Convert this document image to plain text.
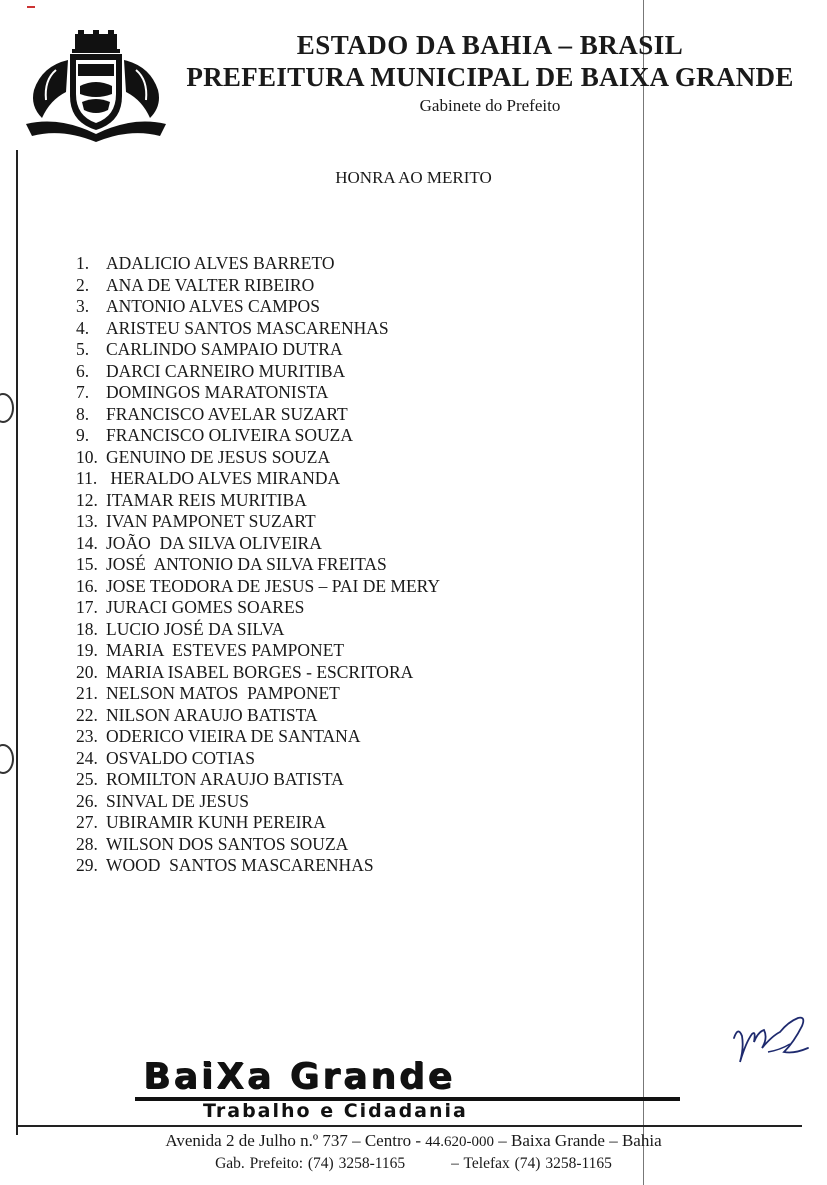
ESTADO DA BAHIA – BRASIL
PREFEITURA MUNICIPAL DE BAIXA GRANDE
Gabinete do Prefeito
HONRA AO MERITO
1. ADALICIO ALVES BARRETO
2. ANA DE VALTER RIBEIRO
3. ANTONIO ALVES CAMPOS
4. ARISTEU SANTOS MASCARENHAS
5. CARLINDO SAMPAIO DUTRA
6. DARCI CARNEIRO MURITIBA
7. DOMINGOS MARATONISTA
8. FRANCISCO AVELAR SUZART
9. FRANCISCO OLIVEIRA SOUZA
10. GENUINO DE JESUS SOUZA
11. HERALDO ALVES MIRANDA
12. ITAMAR REIS MURITIBA
13. IVAN PAMPONET SUZART
14. JOÃO  DA SILVA OLIVEIRA
15. JOSÉ  ANTONIO DA SILVA FREITAS
16. JOSE TEODORA DE JESUS – PAI DE MERY
17. JURACI GOMES SOARES
18. LUCIO JOSÉ DA SILVA
19. MARIA  ESTEVES PAMPONET
20. MARIA ISABEL BORGES - ESCRITORA
21. NELSON MATOS  PAMPONET
22. NILSON ARAUJO BATISTA
23. ODERICO VIEIRA DE SANTANA
24. OSVALDO COTIAS
25. ROMILTON ARAUJO BATISTA
26. SINVAL DE JESUS
27. UBIRAMIR KUNH PEREIRA
28. WILSON DOS SANTOS SOUZA
29. WOOD  SANTOS MASCARENHAS
BaiXa Grande
Trabalho e Cidadania
Avenida 2 de Julho n.º 737 – Centro - 44.620-000 – Baixa Grande – Bahia
Gab. Prefeito: (74) 3258-1165	– Telefax (74) 3258-1165
